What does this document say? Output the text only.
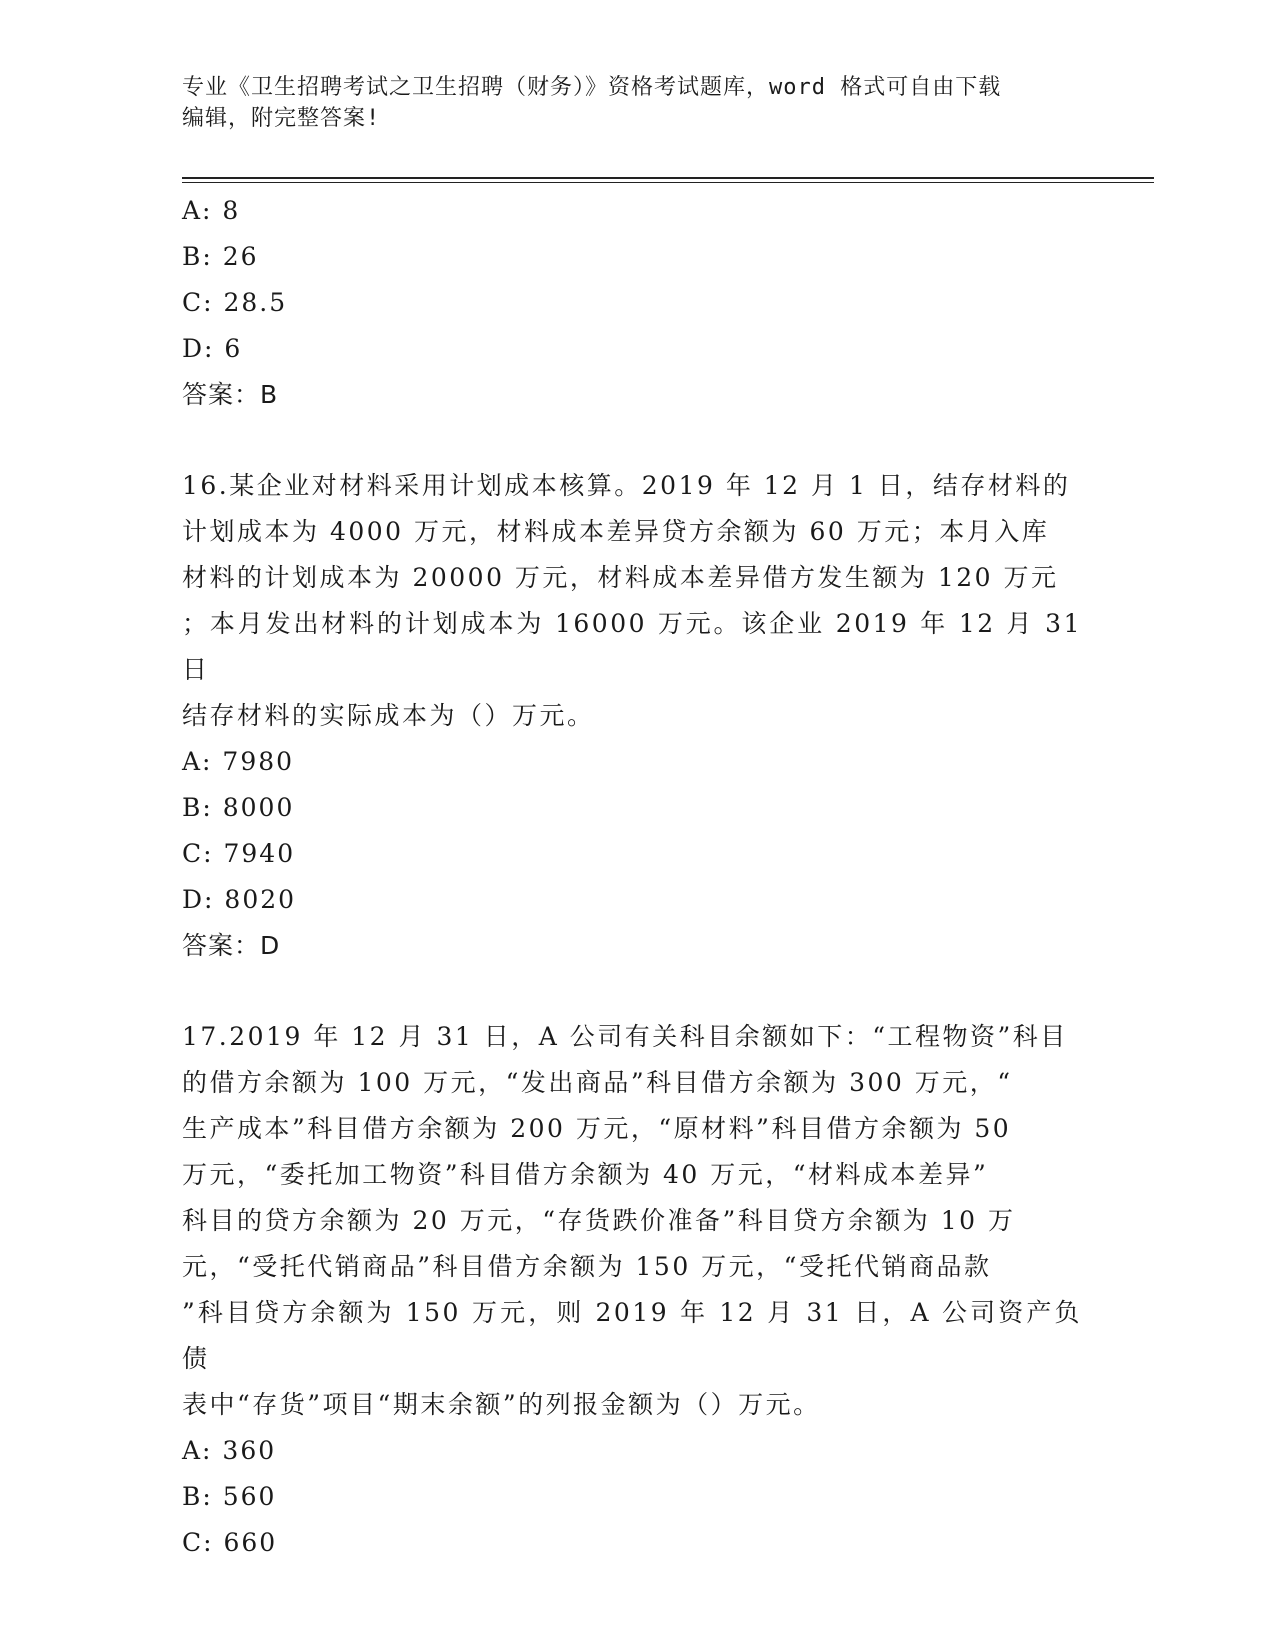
专业《卫生招聘考试之卫生招聘（财务）》资格考试题库，word 格式可自由下载
编辑，附完整答案!
A: 8
B: 26
C: 28.5
D: 6
答案：B
16.某企业对材料采用计划成本核算。2019 年 12 月 1 日，结存材料的
计划成本为 4000 万元，材料成本差异贷方余额为 60 万元；本月入库
材料的计划成本为 20000 万元，材料成本差异借方发生额为 120 万元
；本月发出材料的计划成本为 16000 万元。该企业 2019 年 12 月 31 日
结存材料的实际成本为（）万元。
A: 7980
B: 8000
C: 7940
D: 8020
答案：D
17.2019 年 12 月 31 日，A 公司有关科目余额如下：“工程物资”科目
的借方余额为 100 万元，“发出商品”科目借方余额为 300 万元，“
生产成本”科目借方余额为 200 万元，“原材料”科目借方余额为 50
万元，“委托加工物资”科目借方余额为 40 万元，“材料成本差异”
科目的贷方余额为 20 万元，“存货跌价准备”科目贷方余额为 10 万
元，“受托代销商品”科目借方余额为 150 万元，“受托代销商品款
”科目贷方余额为 150 万元，则 2019 年 12 月 31 日，A 公司资产负债
表中“存货”项目“期末余额”的列报金额为（）万元。
A: 360
B: 560
C: 660
